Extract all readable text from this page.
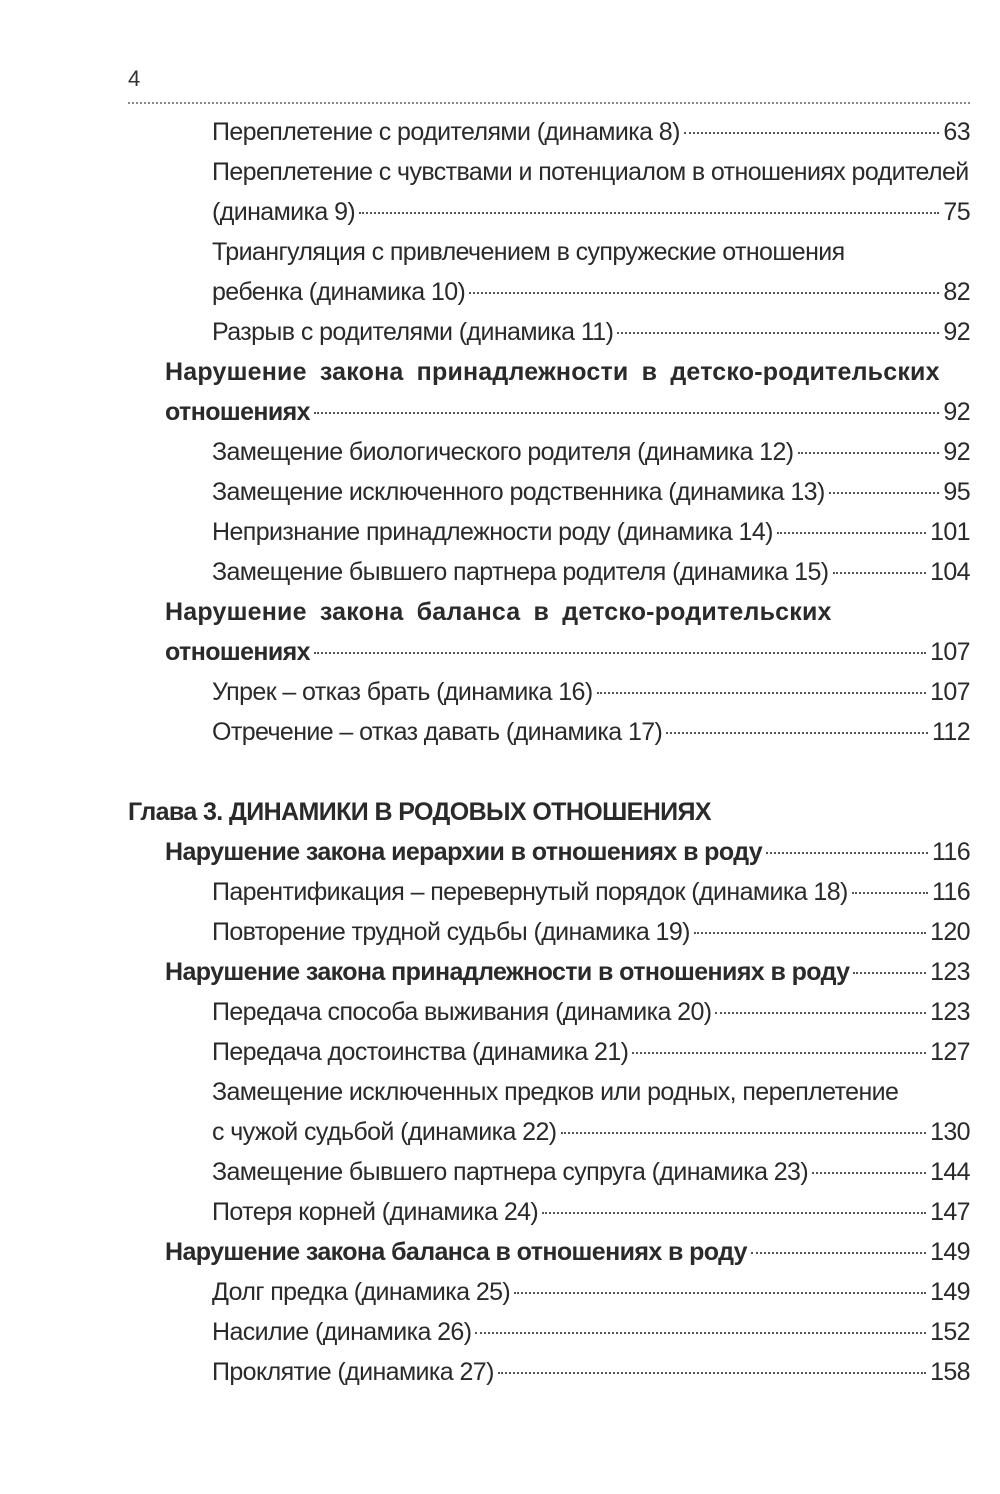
4
Переплетение с родителями (динамика 8)	63
Переплетение с чувствами и потенциалом в отношениях родителей
(динамика 9)	75
Триангуляция с привлечением в супружеские отношения
ребенка (динамика 10)	82
Разрыв с родителями (динамика 11)	92
Нарушение закона принадлежности в детско-родительских
отношениях	92
Замещение биологического родителя (динамика 12)	92
Замещение исключенного родственника (динамика 13)	95
Непризнание принадлежности роду (динамика 14)	101
Замещение бывшего партнера родителя (динамика 15)	104
Нарушение закона баланса в детско-родительских
отношениях	107
Упрек – отказ брать (динамика 16)	107
Отречение – отказ давать (динамика 17)	112
Глава 3. ДИНАМИКИ В РОДОВЫХ ОТНОШЕНИЯХ
Нарушение закона иерархии в отношениях в роду	116
Парентификация – перевернутый порядок (динамика 18)	116
Повторение трудной судьбы (динамика 19)	120
Нарушение закона принадлежности в отношениях в роду	123
Передача способа выживания (динамика 20)	123
Передача достоинства (динамика 21)	127
Замещение исключенных предков или родных, переплетение
с чужой судьбой (динамика 22)	130
Замещение бывшего партнера супруга (динамика 23)	144
Потеря корней (динамика 24)	147
Нарушение закона баланса в отношениях в роду	149
Долг предка (динамика 25)	149
Насилие (динамика 26)	152
Проклятие (динамика 27)	158
